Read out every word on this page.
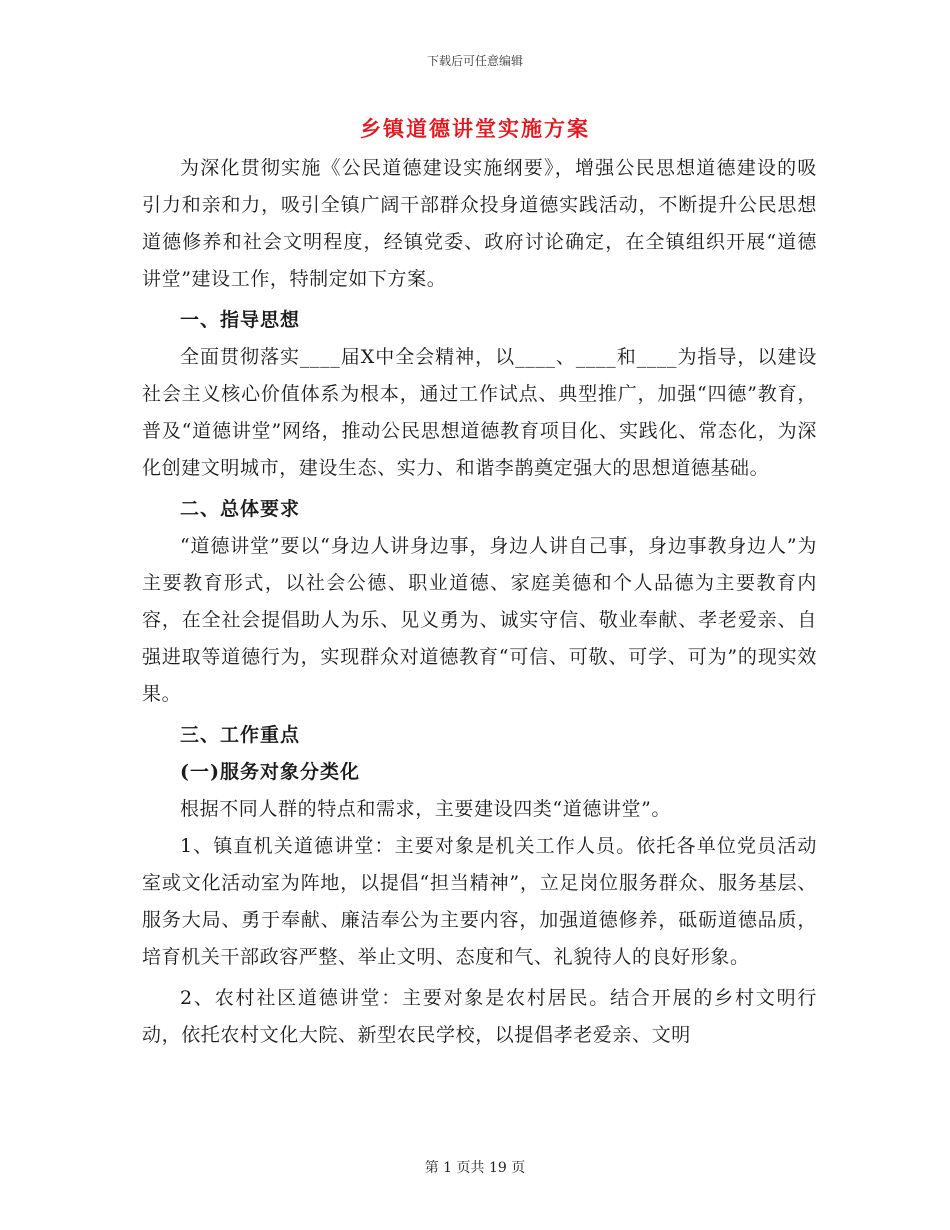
下载后可任意编辑
乡镇道德讲堂实施方案

为深化贯彻实施《公民道德建设实施纲要》，增强公民思想道德建设的吸引力和亲和力，吸引全镇广阔干部群众投身道德实践活动，不断提升公民思想道德修养和社会文明程度，经镇党委、政府讨论确定，在全镇组织开展“道德讲堂”建设工作，特制定如下方案。

一、指导思想

全面贯彻落实____届X中全会精神，以____、____和____为指导，以建设社会主义核心价值体系为根本，通过工作试点、典型推广，加强“四德”教育，普及“道德讲堂”网络，推动公民思想道德教育项目化、实践化、常态化，为深化创建文明城市，建设生态、实力、和谐李鹊奠定强大的思想道德基础。

二、总体要求

“道德讲堂”要以“身边人讲身边事，身边人讲自己事，身边事教身边人”为主要教育形式，以社会公德、职业道德、家庭美德和个人品德为主要教育内容，在全社会提倡助人为乐、见义勇为、诚实守信、敬业奉献、孝老爱亲、自强进取等道德行为，实现群众对道德教育“可信、可敬、可学、可为”的现实效果。

三、工作重点

(一)服务对象分类化

根据不同人群的特点和需求，主要建设四类“道德讲堂”。

1、镇直机关道德讲堂：主要对象是机关工作人员。依托各单位党员活动室或文化活动室为阵地，以提倡“担当精神”，立足岗位服务群众、服务基层、服务大局、勇于奉献、廉洁奉公为主要内容，加强道德修养，砥砺道德品质，培育机关干部政容严整、举止文明、态度和气、礼貌待人的良好形象。

2、农村社区道德讲堂：主要对象是农村居民。结合开展的乡村文明行动，依托农村文化大院、新型农民学校，以提倡孝老爱亲、文明

第 1 页共 19 页
